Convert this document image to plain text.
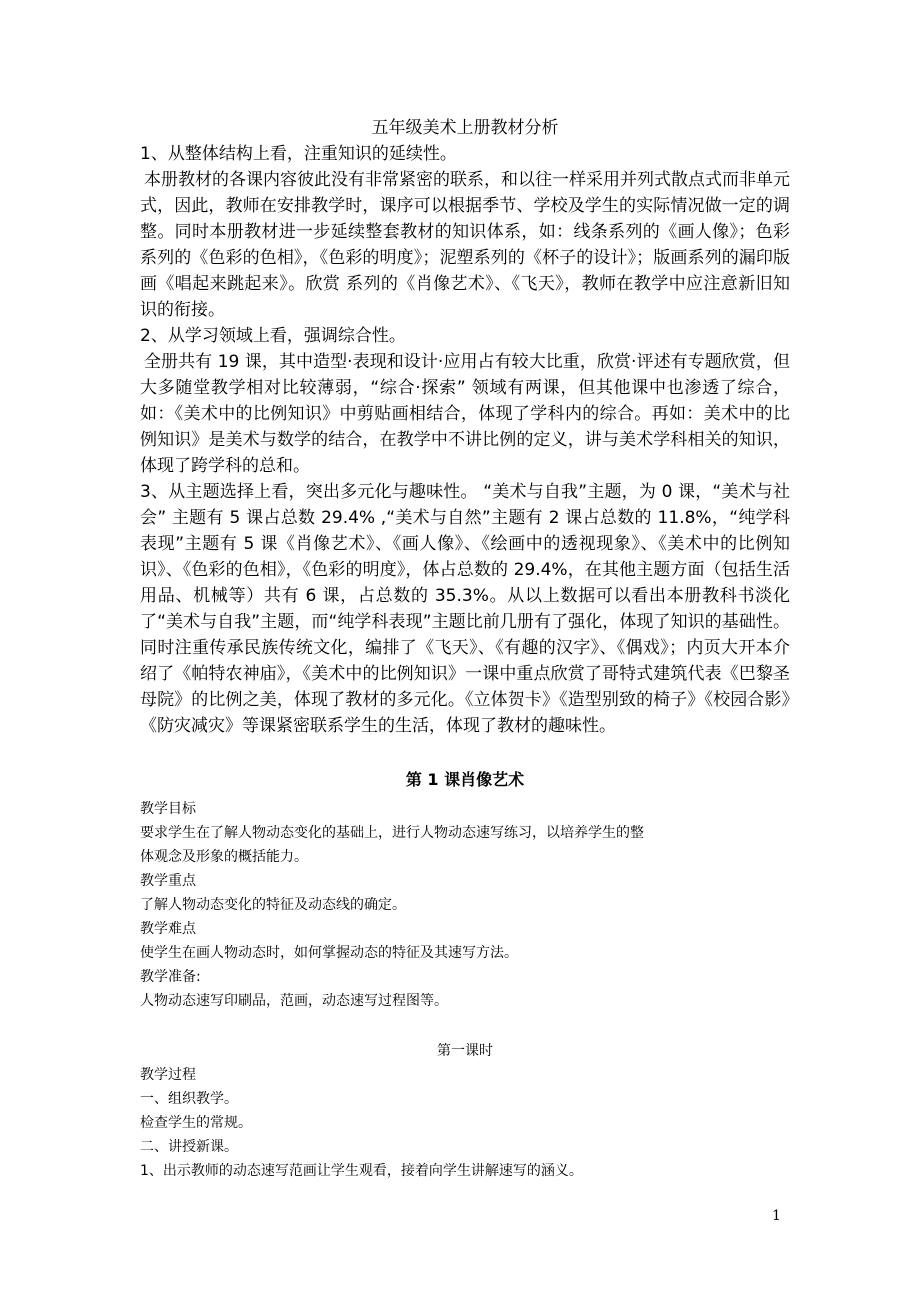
五年级美术上册教材分析

1、从整体结构上看，注重知识的延续性。

本册教材的各课内容彼此没有非常紧密的联系，和以往一样采用并列式散点式而非单元式，因此，教师在安排教学时，课序可以根据季节、学校及学生的实际情况做一定的调整。同时本册教材进一步延续整套教材的知识体系，如：线条系列的《画人像》；色彩系列的《色彩的色相》，《色彩的明度》；泥塑系列的《杯子的设计》；版画系列的漏印版画《唱起来跳起来》。欣赏 系列的《肖像艺术》、《飞天》，教师在教学中应注意新旧知识的衔接。

2、从学习领域上看，强调综合性。

全册共有 19 课，其中造型·表现和设计·应用占有较大比重，欣赏·评述有专题欣赏，但大多随堂教学相对比较薄弱，“综合·探索” 领域有两课，但其他课中也渗透了综合，如：《美术中的比例知识》中剪贴画相结合，体现了学科内的综合。再如：美术中的比例知识》是美术与数学的结合，在教学中不讲比例的定义，讲与美术学科相关的知识，体现了跨学科的总和。

3、从主题选择上看，突出多元化与趣味性。 “美术与自我”主题，为 0 课，“美术与社会” 主题有 5 课占总数 29.4% ,“美术与自然”主题有 2 课占总数的 11.8%，“纯学科表现”主题有 5 课《肖像艺术》、《画人像》、《绘画中的透视现象》、《美术中的比例知识》、《色彩的色相》，《色彩的明度》，体占总数的 29.4%，在其他主题方面（包括生活用品、机械等）共有 6 课，占总数的 35.3%。从以上数据可以看出本册教科书淡化了“美术与自我”主题，而“纯学科表现”主题比前几册有了强化，体现了知识的基础性。同时注重传承民族传统文化，编排了《飞天》、《有趣的汉字》、《偶戏》；内页大开本介绍了《帕特农神庙》，《美术中的比例知识》一课中重点欣赏了哥特式建筑代表《巴黎圣母院》的比例之美，体现了教材的多元化。《立体贺卡》《造型别致的椅子》《校园合影》《防灾减灾》等课紧密联系学生的生活，体现了教材的趣味性。

第 1 课肖像艺术

教学目标

要求学生在了解人物动态变化的基础上，进行人物动态速写练习，以培养学生的整

体观念及形象的概括能力。

教学重点

了解人物动态变化的特征及动态线的确定。

教学难点

使学生在画人物动态时，如何掌握动态的特征及其速写方法。

教学准备:

人物动态速写印刷品，范画，动态速写过程图等。

第一课时

教学过程

一、组织教学。

检查学生的常规。

二、讲授新课。

1、出示教师的动态速写范画让学生观看，接着向学生讲解速写的涵义。

1
